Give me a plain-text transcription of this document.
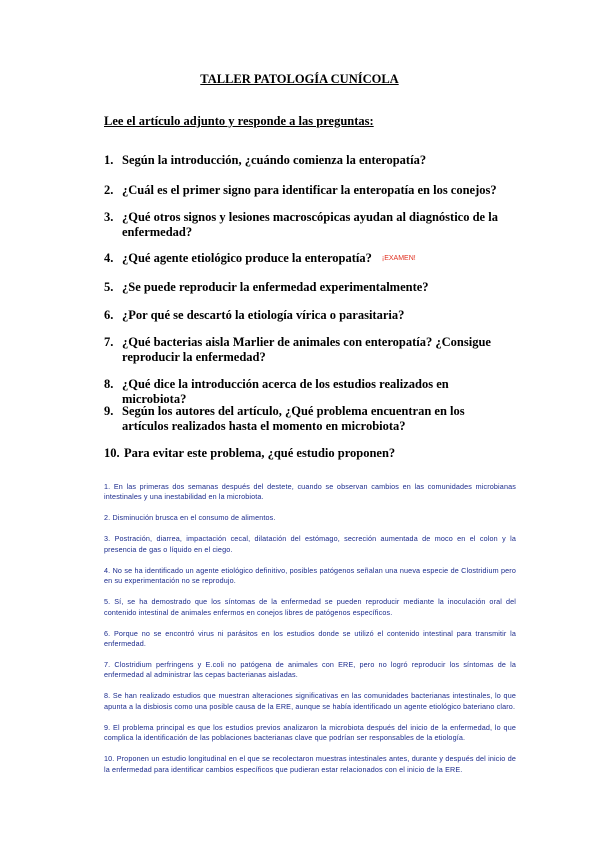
TALLER PATOLOGÍA CUNÍCOLA
Lee el artículo adjunto y responde a las preguntas:
1. Según la introducción, ¿cuándo comienza la enteropatía?
2. ¿Cuál es el primer signo para identificar la enteropatía en los conejos?
3. ¿Qué otros signos y lesiones macroscópicas ayudan al diagnóstico de la enfermedad?
4. ¿Qué agente etiológico produce la enteropatía? ¡EXAMEN!
5. ¿Se puede reproducir la enfermedad experimentalmente?
6. ¿Por qué se descartó la etiología vírica o parasitaria?
7. ¿Qué bacterias aisla Marlier de animales con enteropatía? ¿Consigue reproducir la enfermedad?
8. ¿Qué dice la introducción acerca de los estudios realizados en microbiota?
9. Según los autores del artículo, ¿Qué problema encuentran en los artículos realizados hasta el momento en microbiota?
10. Para evitar este problema, ¿qué estudio proponen?

1. En las primeras dos semanas después del destete, cuando se observan cambios en las comunidades microbianas intestinales y una inestabilidad en la microbiota.

2. Disminución brusca en el consumo de alimentos.

3. Postración, diarrea, impactación cecal, dilatación del estómago, secreción aumentada de moco en el colon y la presencia de gas o líquido en el ciego.

4. No se ha identificado un agente etiológico definitivo, posibles patógenos señalan una nueva especie de Clostridium pero en su experimentación no se reprodujo.

5. Sí, se ha demostrado que los síntomas de la enfermedad se pueden reproducir mediante la inoculación oral del contenido intestinal de animales enfermos en conejos libres de patógenos específicos.

6. Porque no se encontró virus ni parásitos en los estudios donde se utilizó el contenido intestinal para transmitir la enfermedad.

7. Clostridium perfringens y E.coli no patógena de animales con ERE, pero no logró reproducir los síntomas de la enfermedad al administrar las cepas bacterianas aisladas.

8. Se han realizado estudios que muestran alteraciones significativas en las comunidades bacterianas intestinales, lo que apunta a la disbiosis como una posible causa de la ERE, aunque se había identificado un agente etiológico bateriano claro.

9. El problema principal es que los estudios previos analizaron la microbiota después del inicio de la enfermedad, lo que complica la identificación de las poblaciones bacterianas clave que podrían ser responsables de la etiología.

10. Proponen un estudio longitudinal en el que se recolectaron muestras intestinales antes, durante y después del inicio de la enfermedad para identificar cambios específicos que pudieran estar relacionados con el inicio de la ERE.
